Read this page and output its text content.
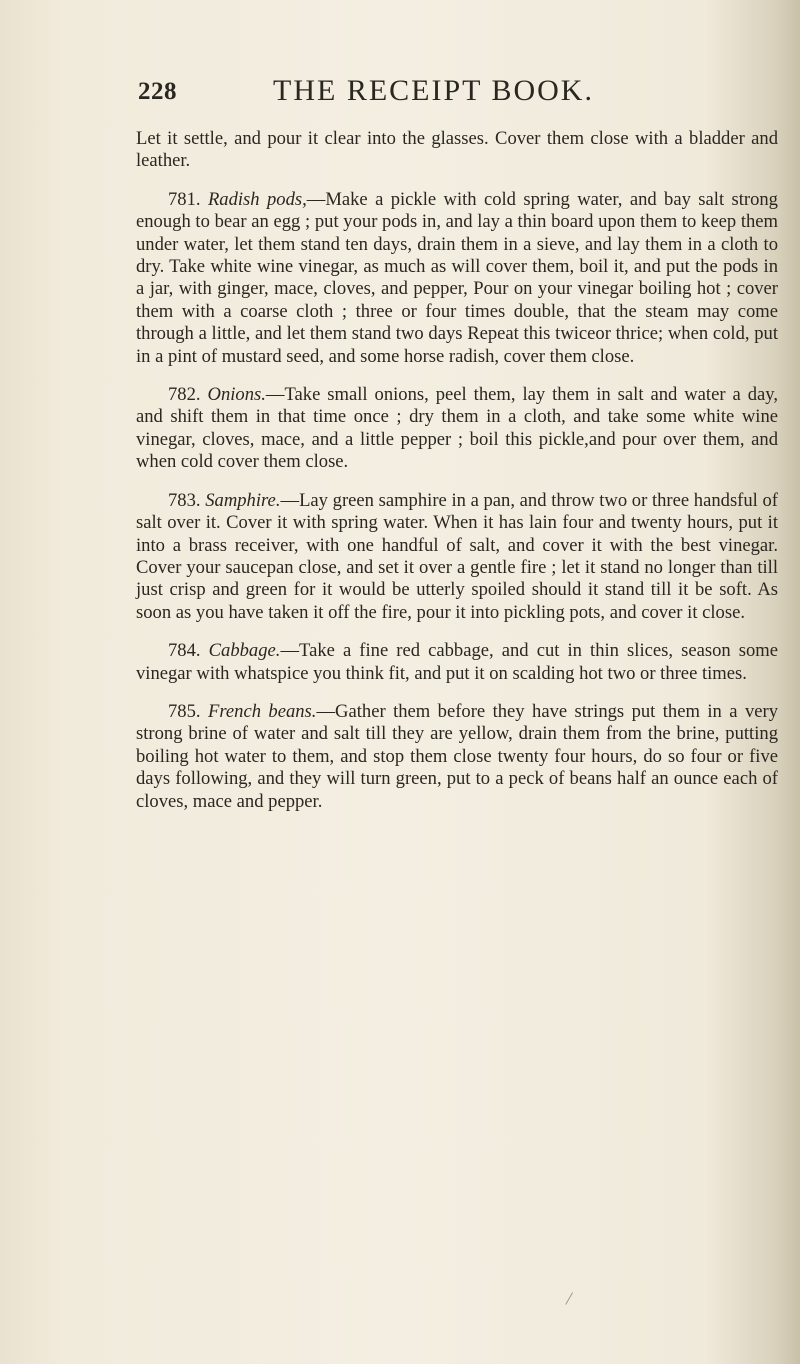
228	THE RECEIPT BOOK.

Let it settle, and pour it clear into the glasses. Cover them close with a bladder and leather.

781. Radish pods,—Make a pickle with cold spring water, and bay salt strong enough to bear an egg ; put your pods in, and lay a thin board upon them to keep them under water, let them stand ten days, drain them in a sieve, and lay them in a cloth to dry. Take white wine vinegar, as much as will cover them, boil it, and put the pods in a jar, with ginger, mace, cloves, and pepper, Pour on your vinegar boiling hot ; cover them with a coarse cloth ; three or four times double, that the steam may come through a little, and let them stand two days Repeat this twiceor thrice; when cold, put in a pint of mustard seed, and some horse radish, cover them close.

782. Onions.—Take small onions, peel them, lay them in salt and water a day, and shift them in that time once ; dry them in a cloth, and take some white wine vinegar, cloves, mace, and a little pepper ; boil this pickle,and pour over them, and when cold cover them close.

783. Samphire.—Lay green samphire in a pan, and throw two or three handsful of salt over it. Cover it with spring water. When it has lain four and twenty hours, put it into a brass receiver, with one handful of salt, and cover it with the best vinegar. Cover your saucepan close, and set it over a gentle fire ; let it stand no longer than till just crisp and green for it would be utterly spoiled should it stand till it be soft. As soon as you have taken it off the fire, pour it into pickling pots, and cover it close.

784. Cabbage.—Take a fine red cabbage, and cut in thin slices, season some vinegar with whatspice you think fit, and put it on scalding hot two or three times.

785. French beans.—Gather them before they have strings put them in a very strong brine of water and salt till they are yellow, drain them from the brine, putting boiling hot water to them, and stop them close twenty four hours, do so four or five days following, and they will turn green, put to a peck of beans half an ounce each of cloves, mace and pepper.
